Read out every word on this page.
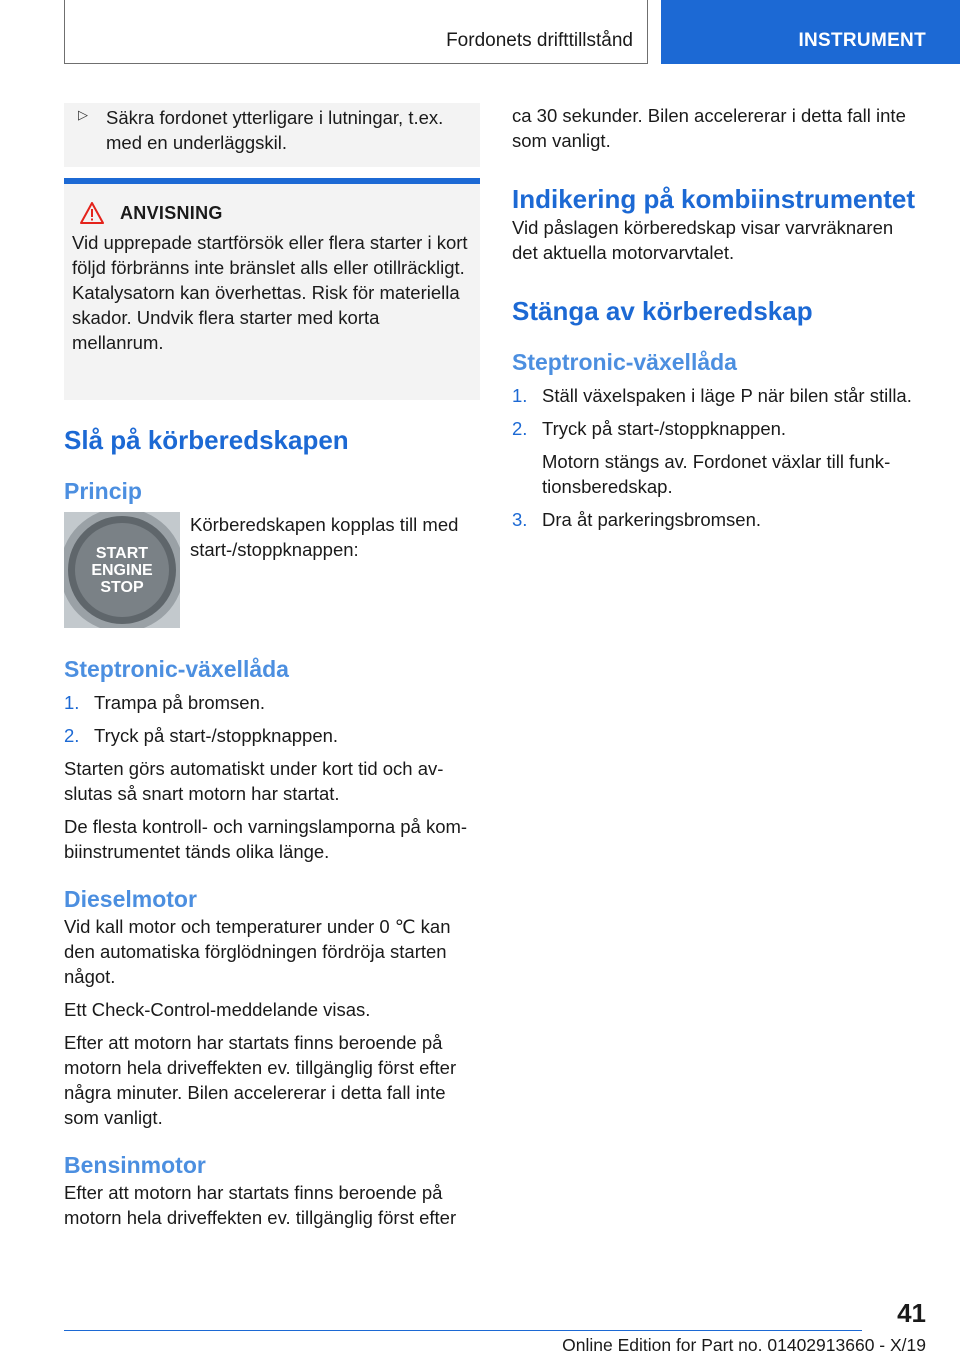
Fordonets drifttillstånd	INSTRUMENT
▷ Säkra fordonet ytterligare i lutningar, t.ex. med en underläggskil.
ANVISNING
Vid upprepade startförsök eller flera starter i kort följd förbränns inte bränslet alls eller otillräckligt. Katalysatorn kan överhettas. Risk för materiella skador. Undvik flera starter med korta mellanrum.
Slå på körberedskapen
Princip
START
ENGINE
STOP
Körberedskapen kopplas till med start-/stoppknappen:
Steptronic-växellåda
1. Trampa på bromsen.
2. Tryck på start-/stoppknappen.
Starten görs automatiskt under kort tid och avslutas så snart motorn har startat.
De flesta kontroll- och varningslamporna på kombiinstrumentet tänds olika länge.
Dieselmotor
Vid kall motor och temperaturer under 0 ℃ kan den automatiska förglödningen fördröja starten något.
Ett Check-Control-meddelande visas.
Efter att motorn har startats finns beroende på motorn hela driveffekten ev. tillgänglig först efter några minuter. Bilen accelererar i detta fall inte som vanligt.
Bensinmotor
Efter att motorn har startats finns beroende på motorn hela driveffekten ev. tillgänglig först efter
ca 30 sekunder. Bilen accelererar i detta fall inte som vanligt.
Indikering på kombiinstrumentet
Vid påslagen körberedskap visar varvräknaren det aktuella motorvarvtalet.
Stänga av körberedskap
Steptronic-växellåda
1. Ställ växelspaken i läge P när bilen står stilla.
2. Tryck på start-/stoppknappen.
Motorn stängs av. Fordonet växlar till funktionsberedskap.
3. Dra åt parkeringsbromsen.
41
Online Edition for Part no. 01402913660 - X/19
